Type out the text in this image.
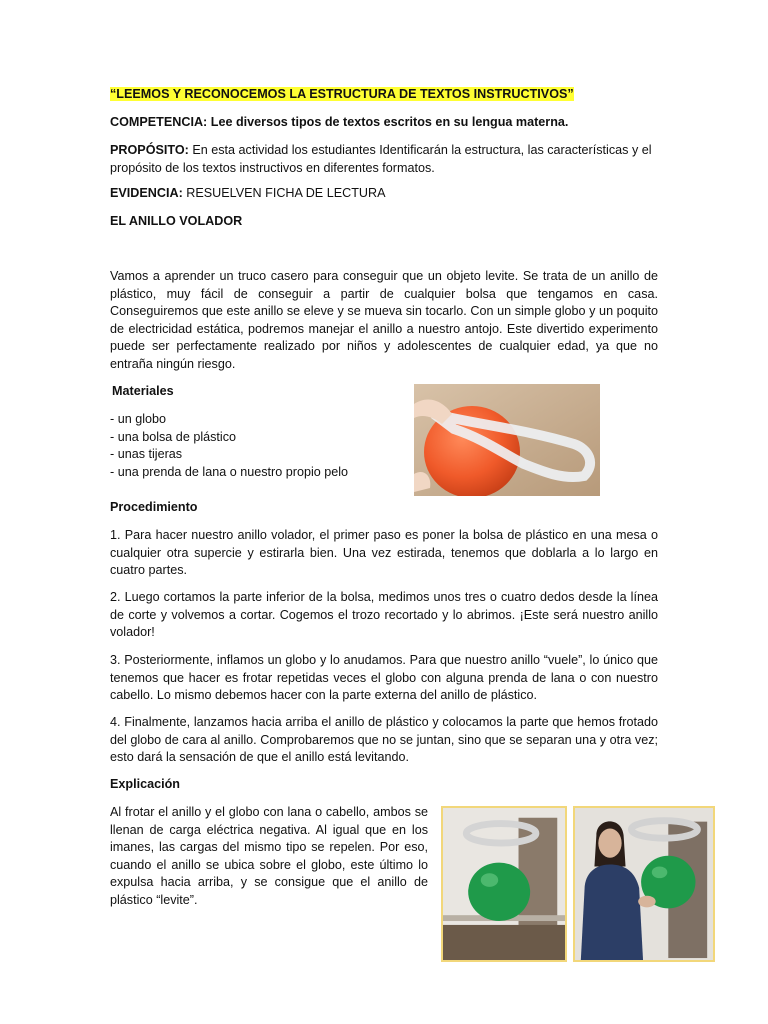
“LEEMOS Y RECONOCEMOS LA ESTRUCTURA DE TEXTOS INSTRUCTIVOS”

COMPETENCIA: Lee diversos tipos de textos escritos en su lengua materna.

PROPÓSITO: En esta actividad los estudiantes Identificarán la estructura, las características y el propósito de los textos instructivos en diferentes formatos.

EVIDENCIA: RESUELVEN FICHA DE LECTURA

EL ANILLO VOLADOR

Vamos a aprender un truco casero para conseguir que un objeto levite. Se trata de un anillo de plástico, muy fácil de conseguir a partir de cualquier bolsa que tengamos en casa. Conseguiremos que este anillo se eleve y se mueva sin tocarlo. Con un simple globo y un poquito de electricidad estática, podremos manejar el anillo a nuestro antojo. Este divertido experimento puede ser perfectamente realizado por niños y adolescentes de cualquier edad, ya que no entraña ningún riesgo.

Materiales

- un globo
- una bolsa de plástico
- unas tijeras
- una prenda de lana o nuestro propio pelo

Procedimiento

1. Para hacer nuestro anillo volador, el primer paso es poner la bolsa de plástico en una mesa o cualquier otra supercie y estirarla bien. Una vez estirada, tenemos que doblarla a lo largo en cuatro partes.

2. Luego cortamos la parte inferior de la bolsa, medimos unos tres o cuatro dedos desde la línea de corte y volvemos a cortar. Cogemos el trozo recortado y lo abrimos. ¡Este será nuestro anillo volador!

3. Posteriormente, inflamos un globo y lo anudamos. Para que nuestro anillo “vuele”, lo único que tenemos que hacer es frotar repetidas veces el globo con alguna prenda de lana o con nuestro cabello. Lo mismo debemos hacer con la parte externa del anillo de plástico.

4. Finalmente, lanzamos hacia arriba el anillo de plástico y colocamos la parte que hemos frotado del globo de cara al anillo. Comprobaremos que no se juntan, sino que se separan una y otra vez; esto dará la sensación de que el anillo está levitando.

Explicación

Al frotar el anillo y el globo con lana o cabello, ambos se llenan de carga eléctrica negativa. Al igual que en los imanes, las cargas del mismo tipo se repelen. Por eso, cuando el anillo se ubica sobre el globo, este último lo expulsa hacia arriba, y se consigue que el anillo de plástico “levite”.
